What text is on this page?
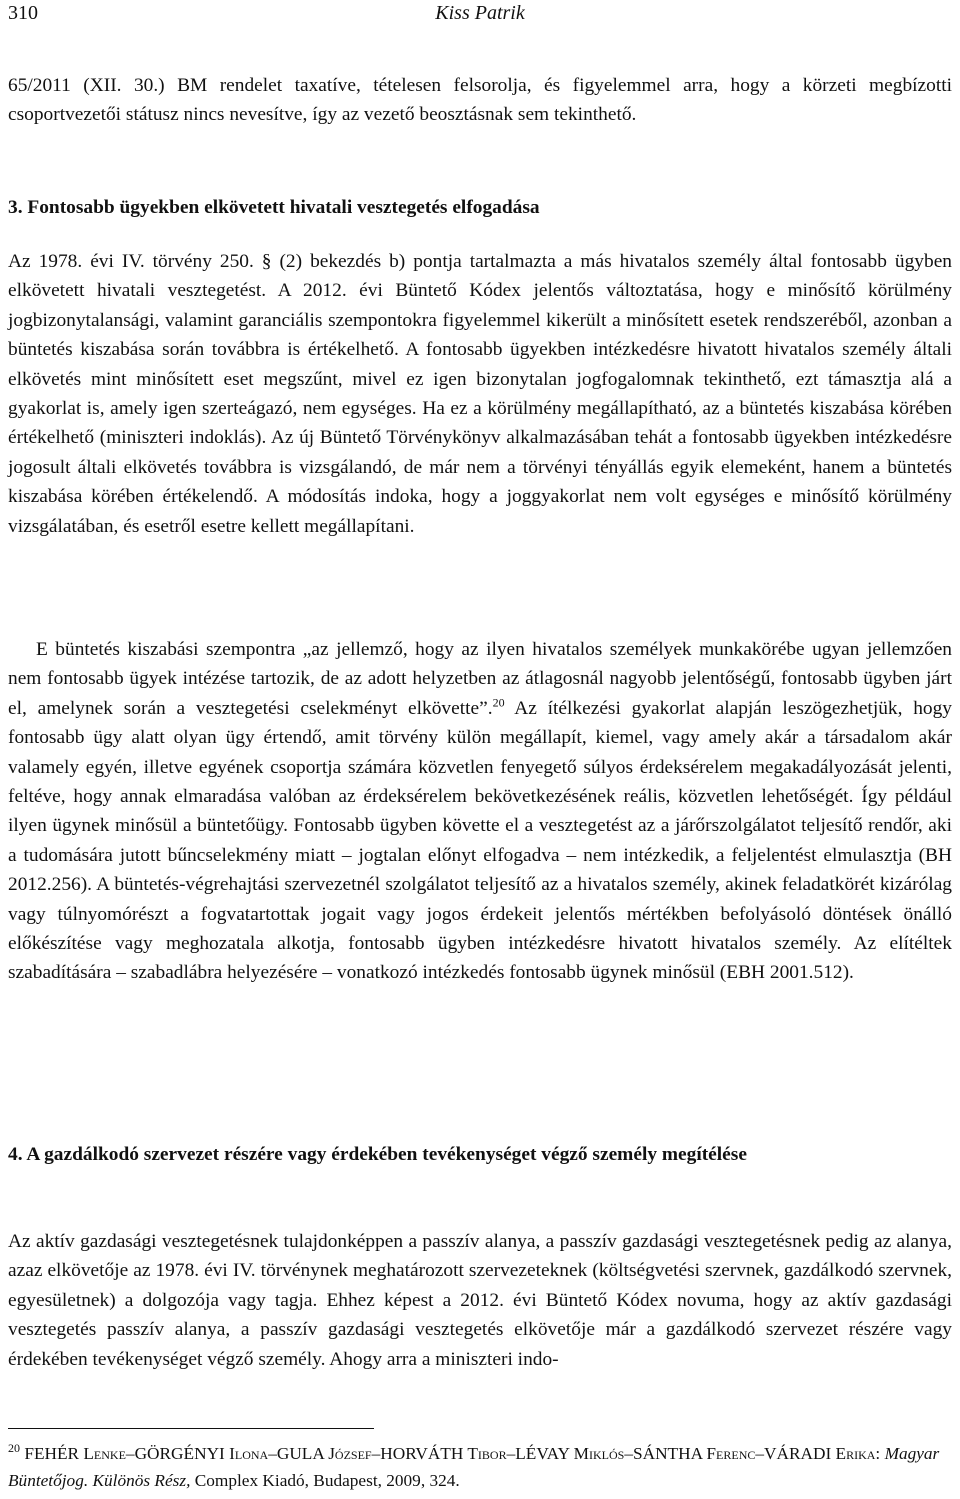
310	Kiss Patrik

65/2011 (XII. 30.) BM rendelet taxatíve, tételesen felsorolja, és figyelemmel arra, hogy a körzeti megbízotti csoportvezetői státusz nincs nevesítve, így az vezető beosztásnak sem tekinthető.

3. Fontosabb ügyekben elkövetett hivatali vesztegetés elfogadása

Az 1978. évi IV. törvény 250. § (2) bekezdés b) pontja tartalmazta a más hivatalos személy által fontosabb ügyben elkövetett hivatali vesztegetést. A 2012. évi Büntető Kódex jelentős változtatása, hogy e minősítő körülmény jogbizonytalansági, valamint garanciális szempontokra figyelemmel kikerült a minősített esetek rendszeréből, azonban a büntetés kiszabása során továbbra is értékelhető. A fontosabb ügyekben intézkedésre hivatott hivatalos személy általi elkövetés mint minősített eset megszűnt, mivel ez igen bizonytalan jogfogalomnak tekinthető, ezt támasztja alá a gyakorlat is, amely igen szerteágazó, nem egységes. Ha ez a körülmény megállapítható, az a büntetés kiszabása körében értékelhető (miniszteri indoklás). Az új Büntető Törvénykönyv alkalmazásában tehát a fontosabb ügyekben intézkedésre jogosult általi elkövetés továbbra is vizsgálandó, de már nem a törvényi tényállás egyik elemeként, hanem a büntetés kiszabása körében értékelendő. A módosítás indoka, hogy a joggyakorlat nem volt egységes e minősítő körülmény vizsgálatában, és esetről esetre kellett megállapítani.

E büntetés kiszabási szempontra „az jellemző, hogy az ilyen hivatalos személyek munkakörébe ugyan jellemzően nem fontosabb ügyek intézése tartozik, de az adott helyzetben az átlagosnál nagyobb jelentőségű, fontosabb ügyben járt el, amelynek során a vesztegetési cselekményt elkövette”.$^{20}$ Az ítélkezési gyakorlat alapján leszögezhetjük, hogy fontosabb ügy alatt olyan ügy értendő, amit törvény külön megállapít, kiemel, vagy amely akár a társadalom akár valamely egyén, illetve egyének csoportja számára közvetlen fenyegető súlyos érdeksérelem megakadályozását jelenti, feltéve, hogy annak elmaradása valóban az érdeksérelem bekövetkezésének reális, közvetlen lehetőségét. Így például ilyen ügynek minősül a büntetőügy. Fontosabb ügyben követte el a vesztegetést az a járőrszolgálatot teljesítő rendőr, aki a tudomására jutott bűncselekmény miatt – jogtalan előnyt elfogadva – nem intézkedik, a feljelentést elmulasztja (BH 2012.256). A büntetés-végrehajtási szervezetnél szolgálatot teljesítő az a hivatalos személy, akinek feladatkörét kizárólag vagy túlnyomórészt a fogvatartottak jogait vagy jogos érdekeit jelentős mértékben befolyásoló döntések önálló előkészítése vagy meghozatala alkotja, fontosabb ügyben intézkedésre hivatott hivatalos személy. Az elítéltek szabadítására – szabadlábra helyezésére – vonatkozó intézkedés fontosabb ügynek minősül (EBH 2001.512).

4. A gazdálkodó szervezet részére vagy érdekében tevékenységet végző személy megítélése

Az aktív gazdasági vesztegetésnek tulajdonképpen a passzív alanya, a passzív gazdasági vesztegetésnek pedig az alanya, azaz elkövetője az 1978. évi IV. törvénynek meghatározott szervezeteknek (költségvetési szervnek, gazdálkodó szervnek, egyesületnek) a dolgozója vagy tagja. Ehhez képest a 2012. évi Büntető Kódex novuma, hogy az aktív gazdasági vesztegetés passzív alanya, a passzív gazdasági vesztegetés elkövetője már a gazdálkodó szervezet részére vagy érdekében tevékenységet végző személy. Ahogy arra a miniszteri indo-

$^{20}$ FEHÉR Lenke–GÖRGÉNYI Ilona–GULA József–HORVÁTH Tibor–LÉVAY Miklós–SÁNTHA Ferenc–VÁRADI Erika: Magyar Büntetőjog. Különös Rész, Complex Kiadó, Budapest, 2009, 324.
